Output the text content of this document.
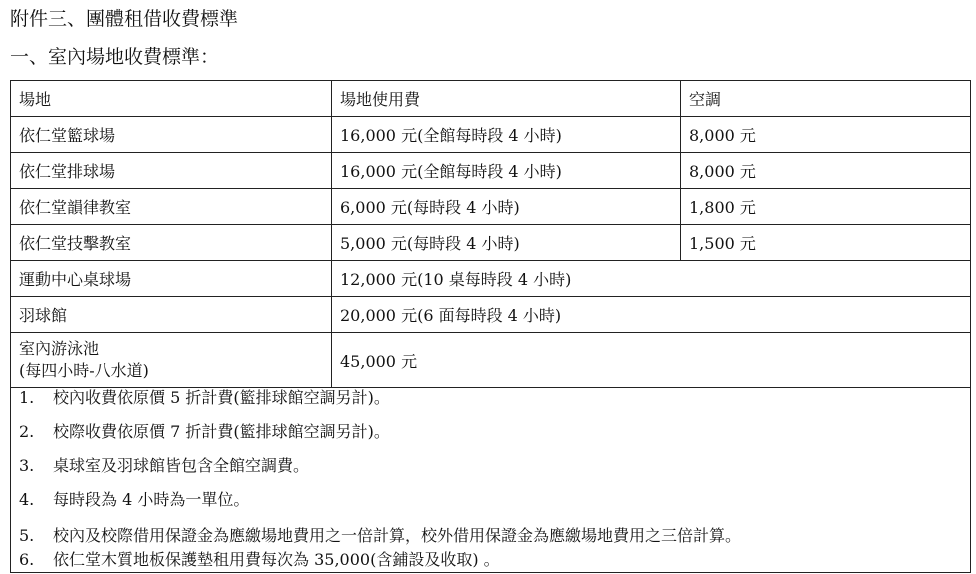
附件三、團體租借收費標準
一、室內場地收費標準：
場地	場地使用費	空調
依仁堂籃球場	16,000 元(全館每時段 4 小時)	8,000 元
依仁堂排球場	16,000 元(全館每時段 4 小時)	8,000 元
依仁堂韻律教室	6,000 元(每時段 4 小時)	1,800 元
依仁堂技擊教室	5,000 元(每時段 4 小時)	1,500 元
運動中心桌球場	12,000 元(10 桌每時段 4 小時)	
羽球館	20,000 元(6 面每時段 4 小時)	

室內游泳池
(每四小時-八水道)	45,000 元	
1. 校內收費依原價 5 折計費(籃排球館空調另計)。
2. 校際收費依原價 7 折計費(籃排球館空調另計)。
3. 桌球室及羽球館皆包含全館空調費。
4. 每時段為 4 小時為一單位。
5. 校內及校際借用保證金為應繳場地費用之一倍計算，校外借用保證金為應繳場地費用之三倍計算。
6. 依仁堂木質地板保護墊租用費每次為 35,000(含鋪設及收取) 。
